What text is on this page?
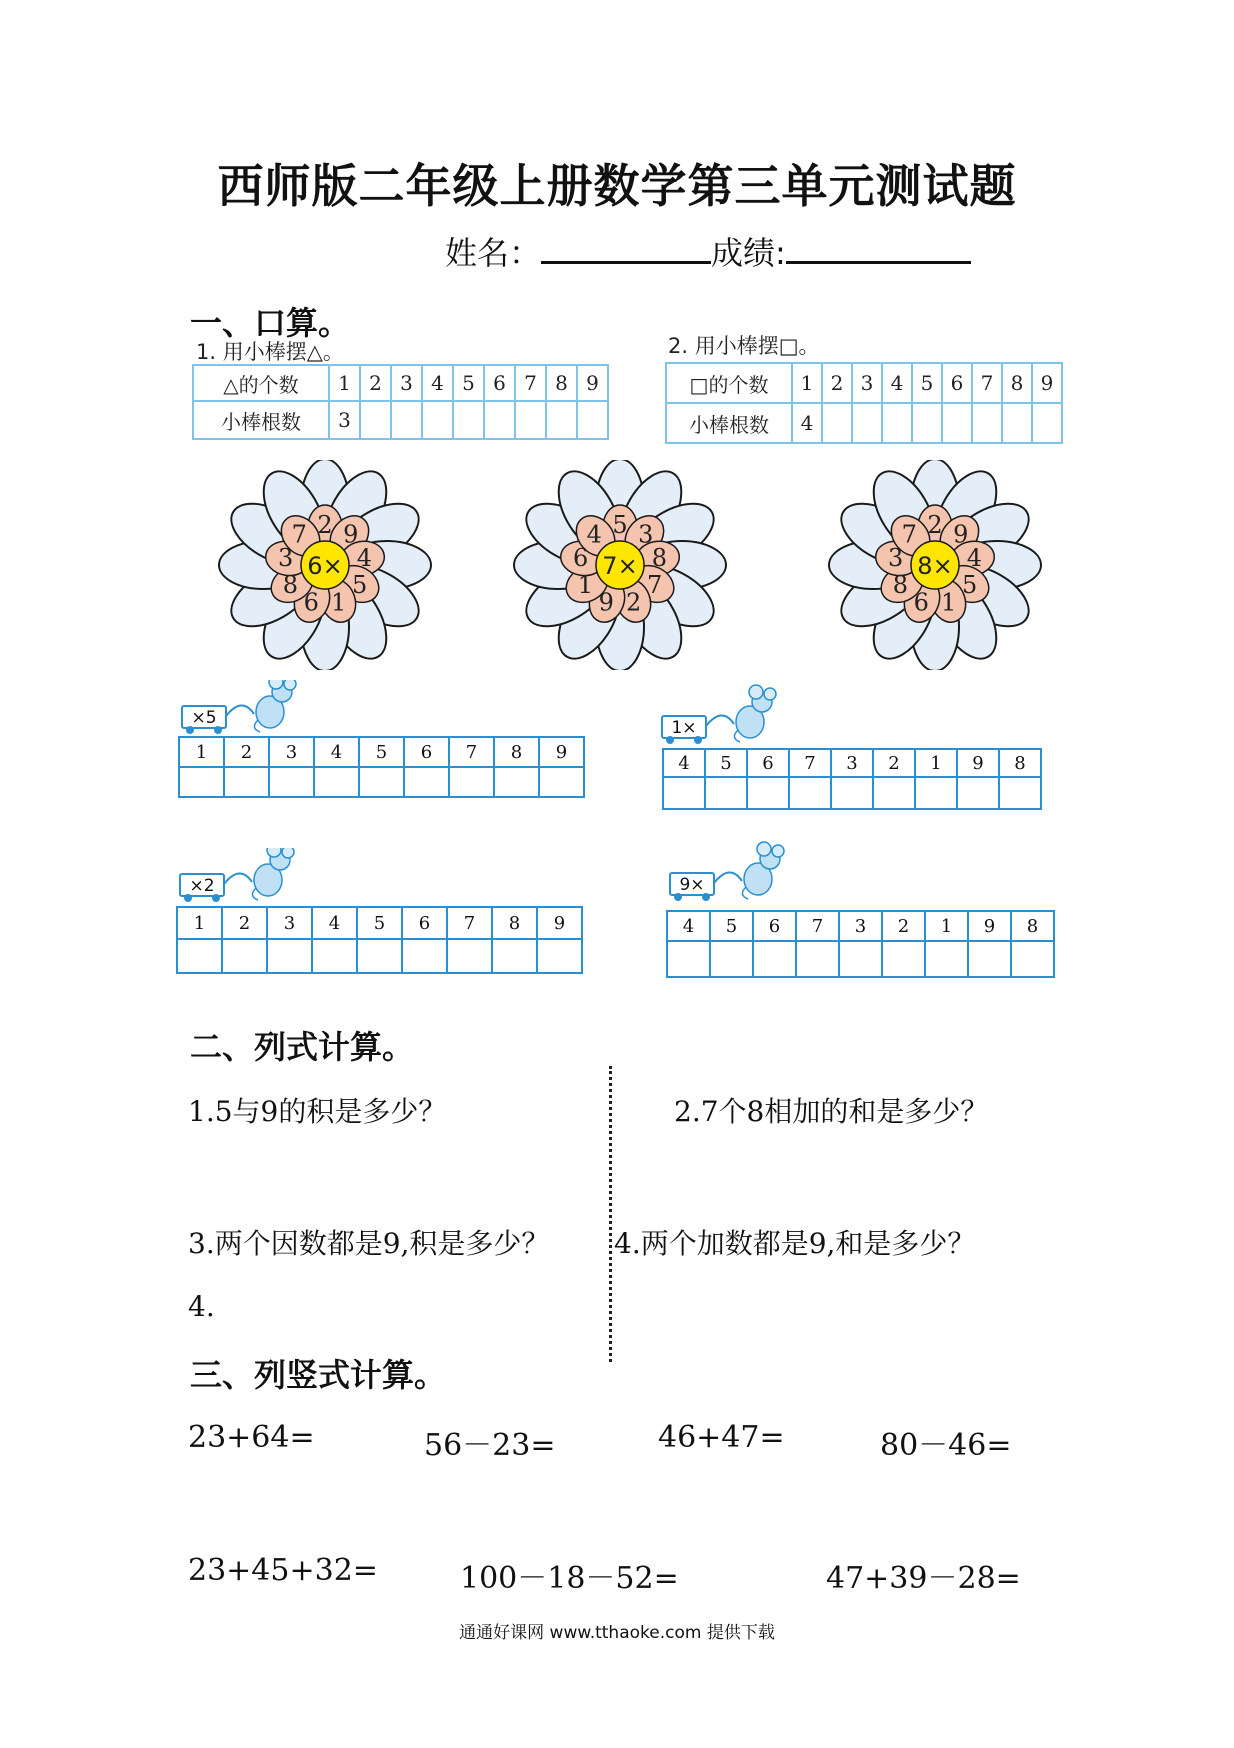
西师版二年级上册数学第三单元测试题
姓名：	成绩:
一、口算。
1. 用小棒摆△。	2. 用小棒摆□。
△的个数	1	2	3	4	5	6	7	8	9
小棒根数	3								
□的个数	1	2	3	4	5	6	7	8	9
小棒根数	4								
2 9
4
5
1
6
8
3
7
6×
5 3
8
7
2
9
1
6
4
7×
2 9
4
5
1
6
8
3
7
8×
×5
1	2	3	4	5	6	7	8	9

1×
4	5	6	7	3	2	1	9	8

×2
1	2	3	4	5	6	7	8	9

9×
4	5	6	7	3	2	1	9	8

二、列式计算。
1.5与9的积是多少？	2.7个8相加的和是多少？
3.两个因数都是9,积是多少？ 4.两个加数都是9,和是多少？
4.
三、列竖式计算。
23+64=	56－23=	46+47=	80－46=
23+45+32=	100－18－52=	47+39－28=
通通好课网 www.tthaoke.com 提供下载
